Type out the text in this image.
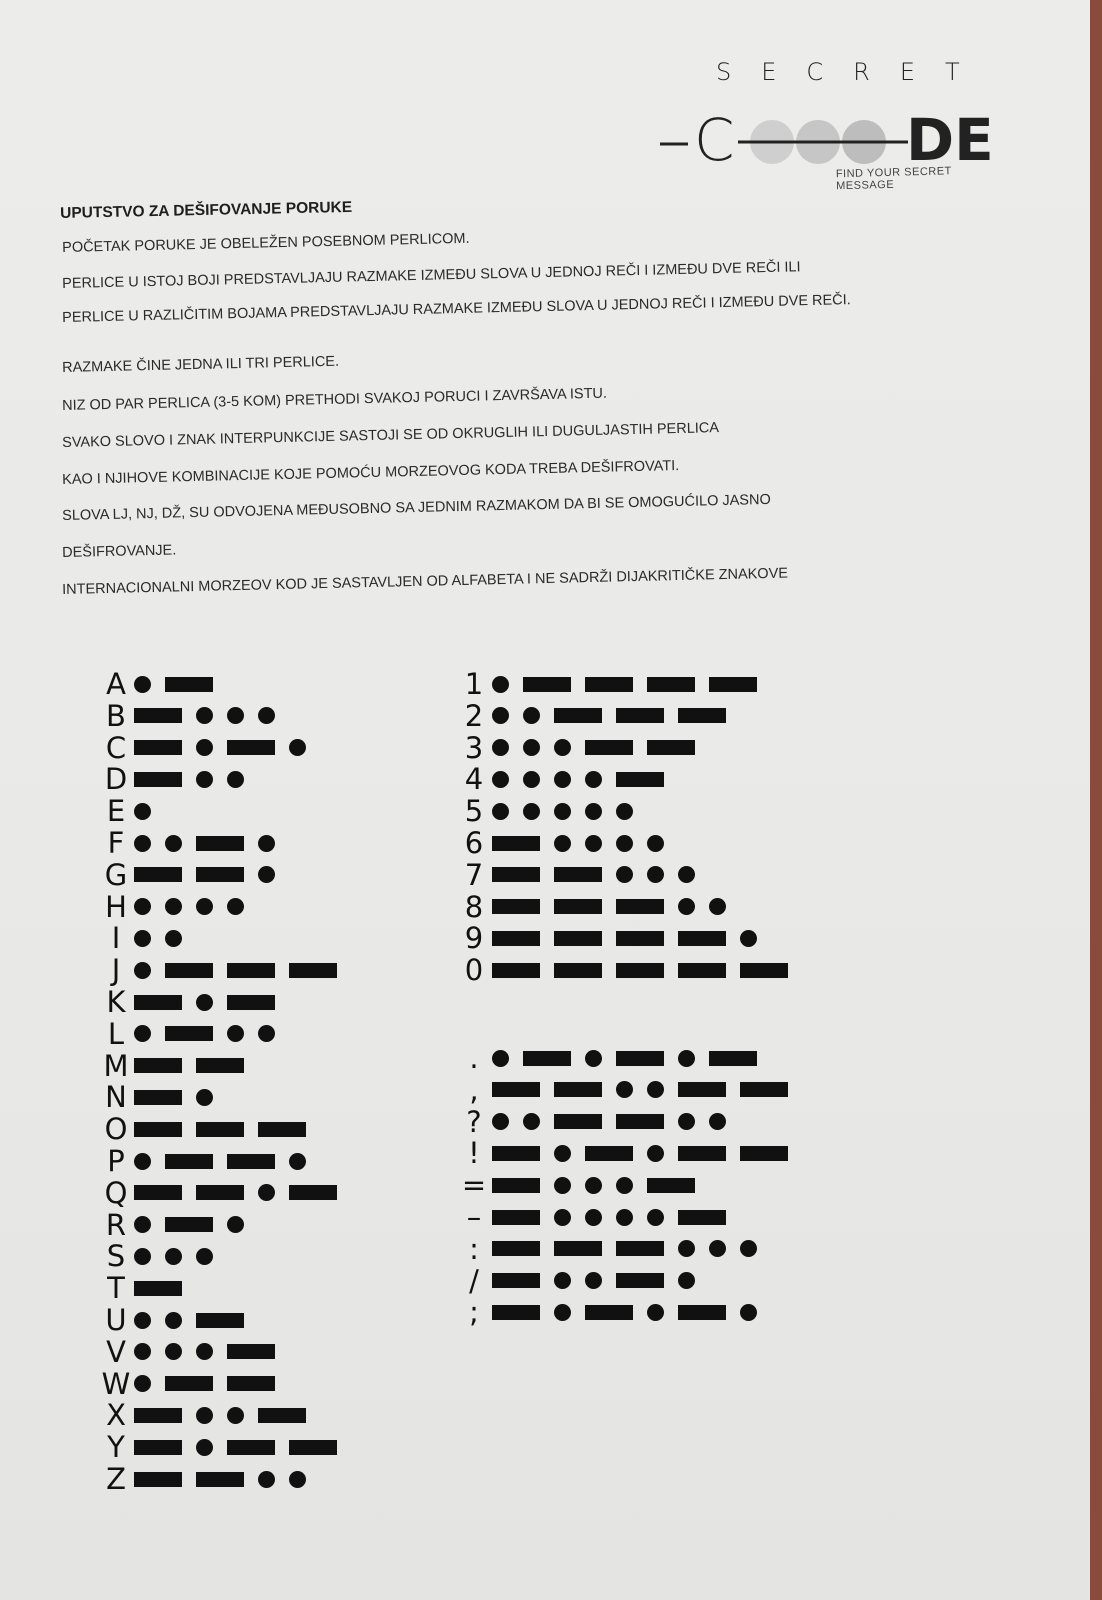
SECRET
C	DE
FIND YOUR SECRET MESSAGE
UPUTSTVO ZA DEŠIFOVANJE PORUKE
POČETAK PORUKE JE OBELEŽEN POSEBNOM PERLICOM.
PERLICE U ISTOJ BOJI PREDSTAVLJAJU RAZMAKE IZMEĐU SLOVA U JEDNOJ REČI I IZMEĐU DVE REČI ILI
PERLICE U RAZLIČITIM BOJAMA PREDSTAVLJAJU RAZMAKE IZMEĐU SLOVA U JEDNOJ REČI I IZMEĐU DVE REČI.
RAZMAKE ČINE JEDNA ILI TRI PERLICE.
NIZ OD PAR PERLICA (3-5 KOM) PRETHODI SVAKOJ PORUCI I ZAVRŠAVA ISTU.
SVAKO SLOVO I ZNAK INTERPUNKCIJE SASTOJI SE OD OKRUGLIH ILI DUGULJASTIH PERLICA
KAO I NJIHOVE KOMBINACIJE KOJE POMOĆU MORZEOVOG KODA TREBA DEŠIFROVATI.
SLOVA LJ, NJ, DŽ, SU ODVOJENA MEĐUSOBNO SA JEDNIM RAZMAKOM DA BI SE OMOGUĆILO JASNO
DEŠIFROVANJE.
INTERNACIONALNI MORZEOV KOD JE SASTAVLJEN OD ALFABETA I NE SADRŽI DIJAKRITIČKE ZNAKOVE
A
B
C
D
E
F
G
H
I
J
K
L
M
N
O
P
Q
R
S
T
U
V
W
X
Y
Z
1
2
3
4
5
6
7
8
9
0
.
,
?
!
=
–
:
/
;
